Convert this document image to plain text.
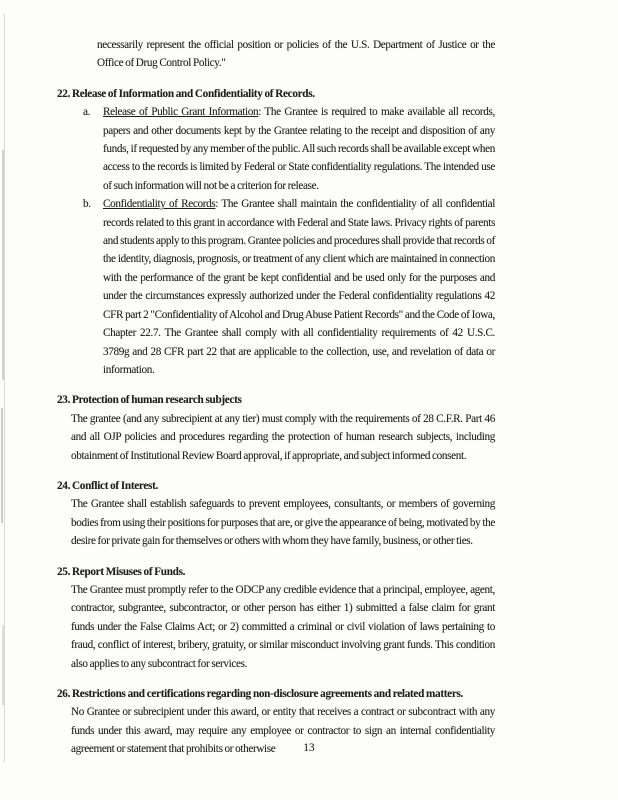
necessarily represent the official position or policies of the U.S. Department of Justice or the Office of Drug Control Policy."

22. Release of Information and Confidentiality of Records.
a. Release of Public Grant Information: The Grantee is required to make available all records, papers and other documents kept by the Grantee relating to the receipt and disposition of any funds, if requested by any member of the public. All such records shall be available except when access to the records is limited by Federal or State confidentiality regulations. The intended use of such information will not be a criterion for release.
b. Confidentiality of Records: The Grantee shall maintain the confidentiality of all confidential records related to this grant in accordance with Federal and State laws. Privacy rights of parents and students apply to this program. Grantee policies and procedures shall provide that records of the identity, diagnosis, prognosis, or treatment of any client which are maintained in connection with the performance of the grant be kept confidential and be used only for the purposes and under the circumstances expressly authorized under the Federal confidentiality regulations 42 CFR part 2 "Confidentiality of Alcohol and Drug Abuse Patient Records" and the Code of Iowa, Chapter 22.7. The Grantee shall comply with all confidentiality requirements of 42 U.S.C. 3789g and 28 CFR part 22 that are applicable to the collection, use, and revelation of data or information.
23. Protection of human research subjects

The grantee (and any subrecipient at any tier) must comply with the requirements of 28 C.F.R. Part 46 and all OJP policies and procedures regarding the protection of human research subjects, including obtainment of Institutional Review Board approval, if appropriate, and subject informed consent.

24. Conflict of Interest.

The Grantee shall establish safeguards to prevent employees, consultants, or members of governing bodies from using their positions for purposes that are, or give the appearance of being, motivated by the desire for private gain for themselves or others with whom they have family, business, or other ties.

25. Report Misuses of Funds.

The Grantee must promptly refer to the ODCP any credible evidence that a principal, employee, agent, contractor, subgrantee, subcontractor, or other person has either 1) submitted a false claim for grant funds under the False Claims Act; or 2) committed a criminal or civil violation of laws pertaining to fraud, conflict of interest, bribery, gratuity, or similar misconduct involving grant funds. This condition also applies to any subcontract for services.

26. Restrictions and certifications regarding non-disclosure agreements and related matters.

No Grantee or subrecipient under this award, or entity that receives a contract or subcontract with any funds under this award, may require any employee or contractor to sign an internal confidentiality agreement or statement that prohibits or otherwise	13
